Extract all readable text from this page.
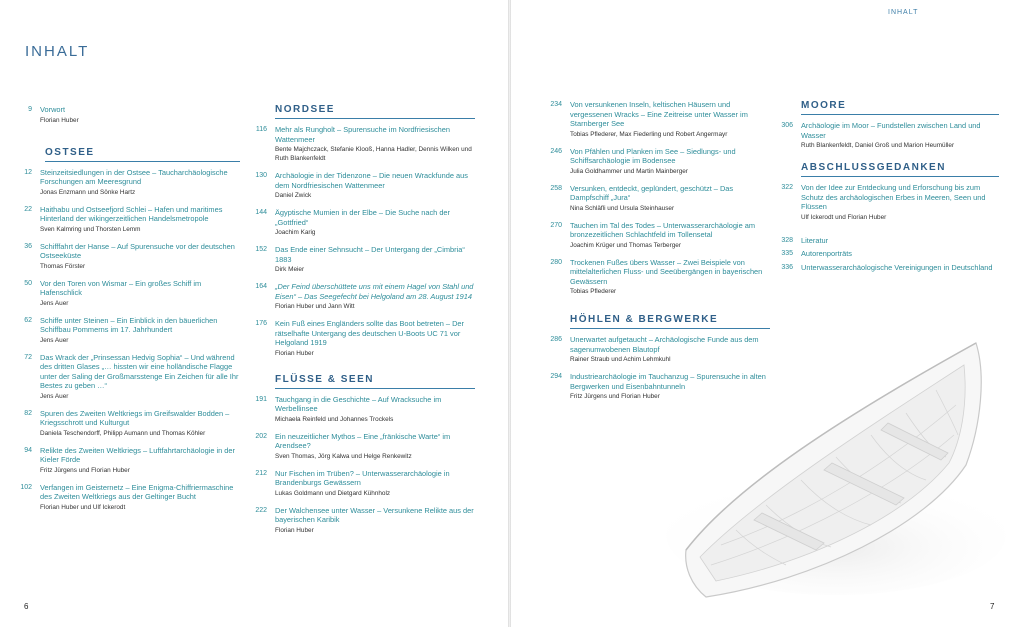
INHALT
9	Vorwort
Florian Huber
OSTSEE
12	Steinzeitsiedlungen in der Ostsee – Taucharchäologische Forschungen am Meeresgrund
Jonas Enzmann und Sönke Hartz
22	Haithabu und Ostseefjord Schlei – Hafen und maritimes Hinterland der wikingerzeitlichen Handelsmetropole
Sven Kalmring und Thorsten Lemm
36	Schifffahrt der Hanse – Auf Spurensuche vor der deutschen Ostseeküste
Thomas Förster
50	Vor den Toren von Wismar – Ein großes Schiff im Hafenschlick
Jens Auer
62	Schiffe unter Steinen – Ein Einblick in den bäuerlichen Schiffbau Pommerns im 17. Jahrhundert
Jens Auer
72	Das Wrack der „Prinsessan Hedvig Sophia“ – Und während des dritten Glases „… hissten wir eine holländische Flagge unter der Saling der Großmarsstenge Ein Zeichen für alle Ihr Bestes zu geben …“
Jens Auer
82	Spuren des Zweiten Weltkriegs im Greifswalder Bodden – Kriegsschrott und Kulturgut
Daniela Teschendorff, Philipp Aumann und Thomas Köhler
94	Relikte des Zweiten Weltkriegs – Luftfahrtarchäologie in der Kieler Förde
Fritz Jürgens und Florian Huber
102	Verfangen im Geisternetz – Eine Enigma-Chiffriermaschine des Zweiten Weltkriegs aus der Geltinger Bucht
Florian Huber und Ulf Ickerodt
NORDSEE
116	Mehr als Rungholt – Spurensuche im Nordfriesischen Wattenmeer
Bente Majchczack, Stefanie Klooß, Hanna Hadler, Dennis Wilken und Ruth Blankenfeldt
130	Archäologie in der Tidenzone – Die neuen Wrackfunde aus dem Nordfriesischen Wattenmeer
Daniel Zwick
144	Ägyptische Mumien in der Elbe – Die Suche nach der „Gottfried“
Joachim Karig
152	Das Ende einer Sehnsucht – Der Untergang der „Cimbria“ 1883
Dirk Meier
164	„Der Feind überschüttete uns mit einem Hagel von Stahl und Eisen“ – Das Seegefecht bei Helgoland am 28. August 1914
Florian Huber und Jann Witt
176	Kein Fuß eines Engländers sollte das Boot betreten – Der rätselhafte Untergang des deutschen U-Boots UC 71 vor Helgoland 1919
Florian Huber
FLÜSSE & SEEN
191	Tauchgang in die Geschichte – Auf Wracksuche im Werbellinsee
Michaela Reinfeld und Johannes Trockels
202	Ein neuzeitlicher Mythos – Eine „fränkische Warte“ im Arendsee?
Sven Thomas, Jörg Kalwa und Helge Renkewitz
212	Nur Fischen im Trüben? – Unterwasserarchäologie in Brandenburgs Gewässern
Lukas Goldmann und Dietgard Kühnholz
222	Der Walchensee unter Wasser – Versunkene Relikte aus der bayerischen Karibik
Florian Huber
6
INHALT
234	Von versunkenen Inseln, keltischen Häusern und vergessenen Wracks – Eine Zeitreise unter Wasser im Starnberger See
Tobias Pflederer, Max Fiederling und Robert Angermayr
246	Von Pfählen und Planken im See – Siedlungs- und Schiffsarchäologie im Bodensee
Julia Goldhammer und Martin Mainberger
258	Versunken, entdeckt, geplündert, geschützt – Das Dampfschiff „Jura“
Nina Schläfli und Ursula Steinhauser
270	Tauchen im Tal des Todes – Unterwasserarchäologie am bronzezeitlichen Schlachtfeld im Tollensetal
Joachim Krüger und Thomas Terberger
280	Trockenen Fußes übers Wasser – Zwei Beispiele von mittelalterlichen Fluss- und Seeübergängen in bayerischen Gewässern
Tobias Pflederer
HÖHLEN & BERGWERKE
286	Unerwartet aufgetaucht – Archäologische Funde aus dem sagenumwobenen Blautopf
Rainer Straub und Achim Lehmkuhl
294	Industriearchäologie im Tauchanzug – Spurensuche in alten Bergwerken und Eisenbahntunneln
Fritz Jürgens und Florian Huber
MOORE
306	Archäologie im Moor – Fundstellen zwischen Land und Wasser
Ruth Blankenfeldt, Daniel Groß und Marion Heumüller
ABSCHLUSSGEDANKEN
322	Von der Idee zur Entdeckung und Erforschung bis zum Schutz des archäologischen Erbes in Meeren, Seen und Flüssen
Ulf Ickerodt und Florian Huber
328	Literatur
335	Autorenporträts
336	Unterwasserarchäologische Vereinigungen in Deutschland
7
